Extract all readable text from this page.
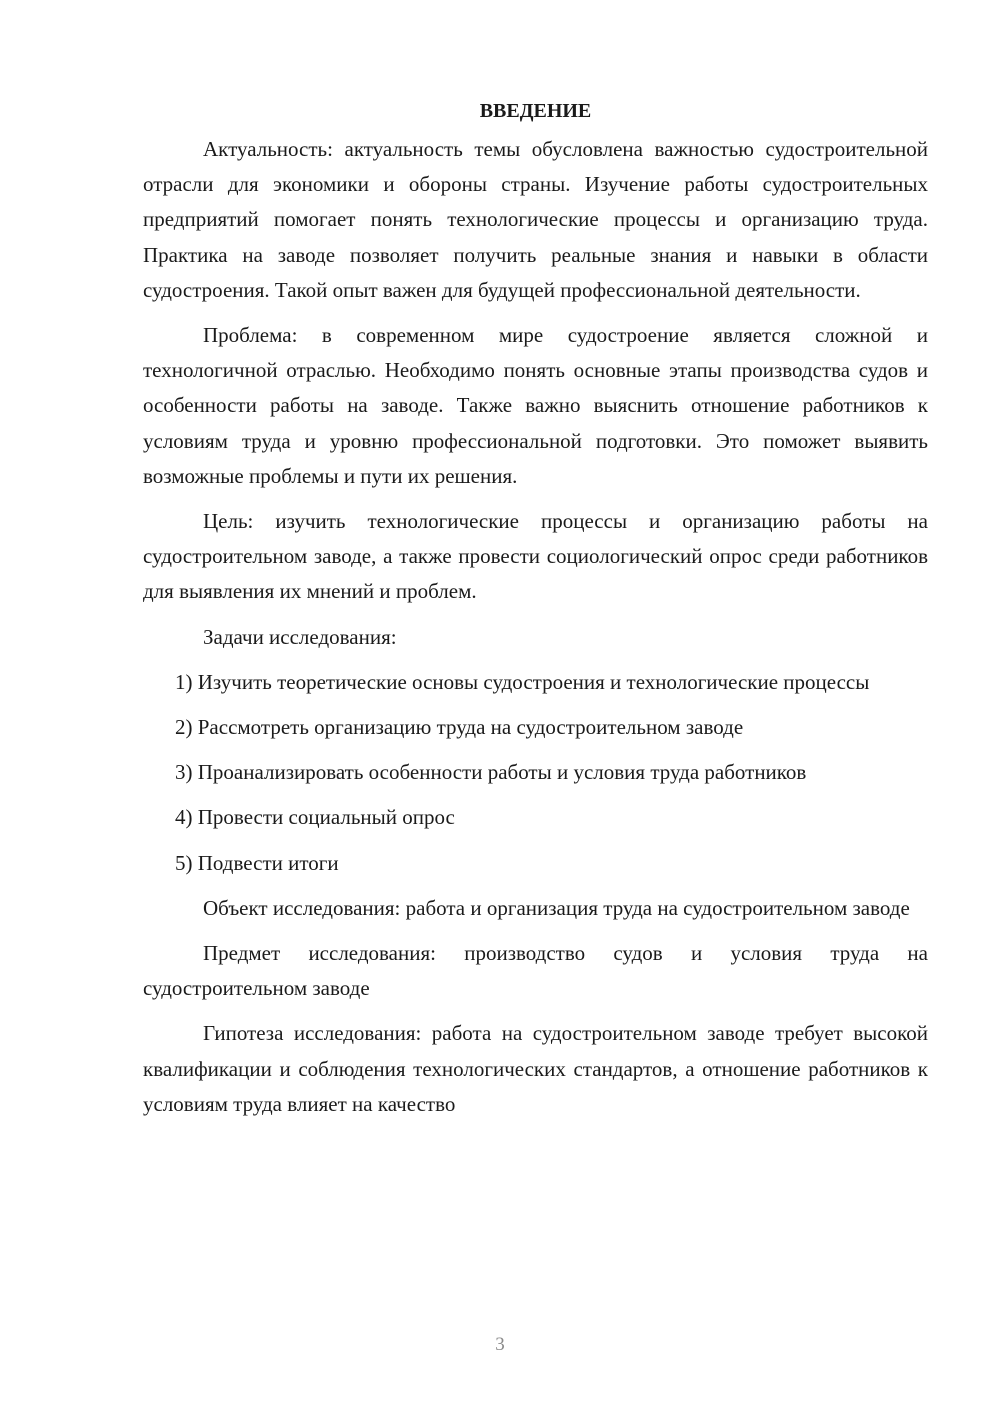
ВВЕДЕНИЕ

Актуальность: актуальность темы обусловлена важностью судостроительной отрасли для экономики и обороны страны. Изучение работы судостроительных предприятий помогает понять технологические процессы и организацию труда. Практика на заводе позволяет получить реальные знания и навыки в области судостроения. Такой опыт важен для будущей профессиональной деятельности.

Проблема: в современном мире судостроение является сложной и технологичной отраслью. Необходимо понять основные этапы производства судов и особенности работы на заводе. Также важно выяснить отношение работников к условиям труда и уровню профессиональной подготовки. Это поможет выявить возможные проблемы и пути их решения.

Цель: изучить технологические процессы и организацию работы на судостроительном заводе, а также провести социологический опрос среди работников для выявления их мнений и проблем.

Задачи исследования:

1) Изучить теоретические основы судостроения и технологические процессы

2) Рассмотреть организацию труда на судостроительном заводе

3) Проанализировать особенности работы и условия труда работников

4) Провести социальный опрос

5) Подвести итоги

Объект исследования: работа и организация труда на судостроительном заводе

Предмет исследования: производство судов и условия труда на судостроительном заводе

Гипотеза исследования: работа на судостроительном заводе требует высокой квалификации и соблюдения технологических стандартов, а отношение работников к условиям труда влияет на качество

3
